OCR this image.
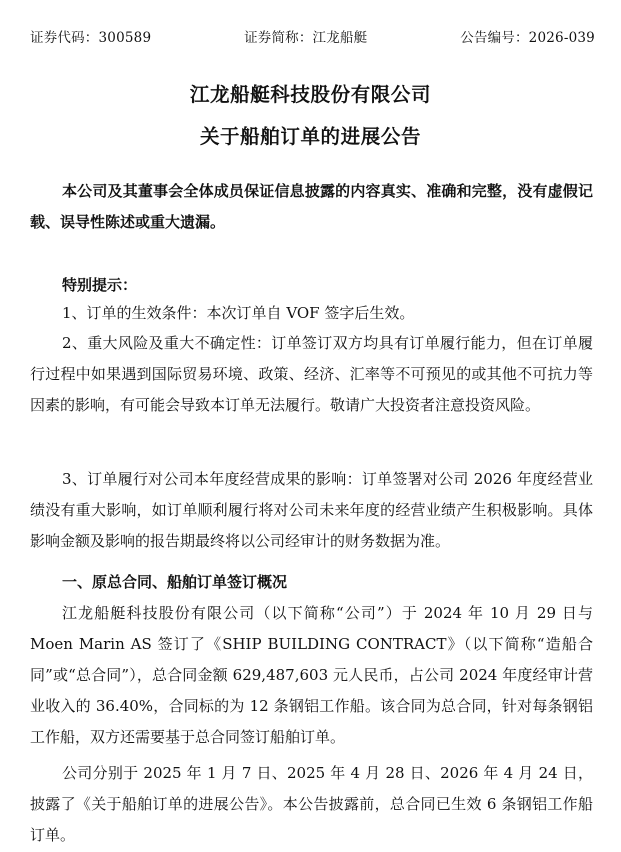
证券代码：300589	证券简称：江龙船艇	公告编号：2026-039
江龙船艇科技股份有限公司
关于船舶订单的进展公告
本公司及其董事会全体成员保证信息披露的内容真实、准确和完整，没有虚假记载、误导性陈述或重大遗漏。
特别提示：
1、订单的生效条件：本次订单自 VOF 签字后生效。
2、重大风险及重大不确定性：订单签订双方均具有订单履行能力，但在订单履行过程中如果遇到国际贸易环境、政策、经济、汇率等不可预见的或其他不可抗力等因素的影响，有可能会导致本订单无法履行。敬请广大投资者注意投资风险。
3、订单履行对公司本年度经营成果的影响：订单签署对公司 2026 年度经营业绩没有重大影响，如订单顺利履行将对公司未来年度的经营业绩产生积极影响。具体影响金额及影响的报告期最终将以公司经审计的财务数据为准。
一、原总合同、船舶订单签订概况
江龙船艇科技股份有限公司（以下简称“公司”）于 2024 年 10 月 29 日与 Moen Marin AS 签订了《SHIP BUILDING CONTRACT》（以下简称“造船合同”或“总合同”），总合同金额 629,487,603 元人民币，占公司 2024 年度经审计营业收入的 36.40%，合同标的为 12 条钢铝工作船。该合同为总合同，针对每条钢铝工作船，双方还需要基于总合同签订船舶订单。
公司分别于 2025 年 1 月 7 日、2025 年 4 月 28 日、2026 年 4 月 24 日，披露了《关于船舶订单的进展公告》。本公告披露前，总合同已生效 6 条钢铝工作船订单。
